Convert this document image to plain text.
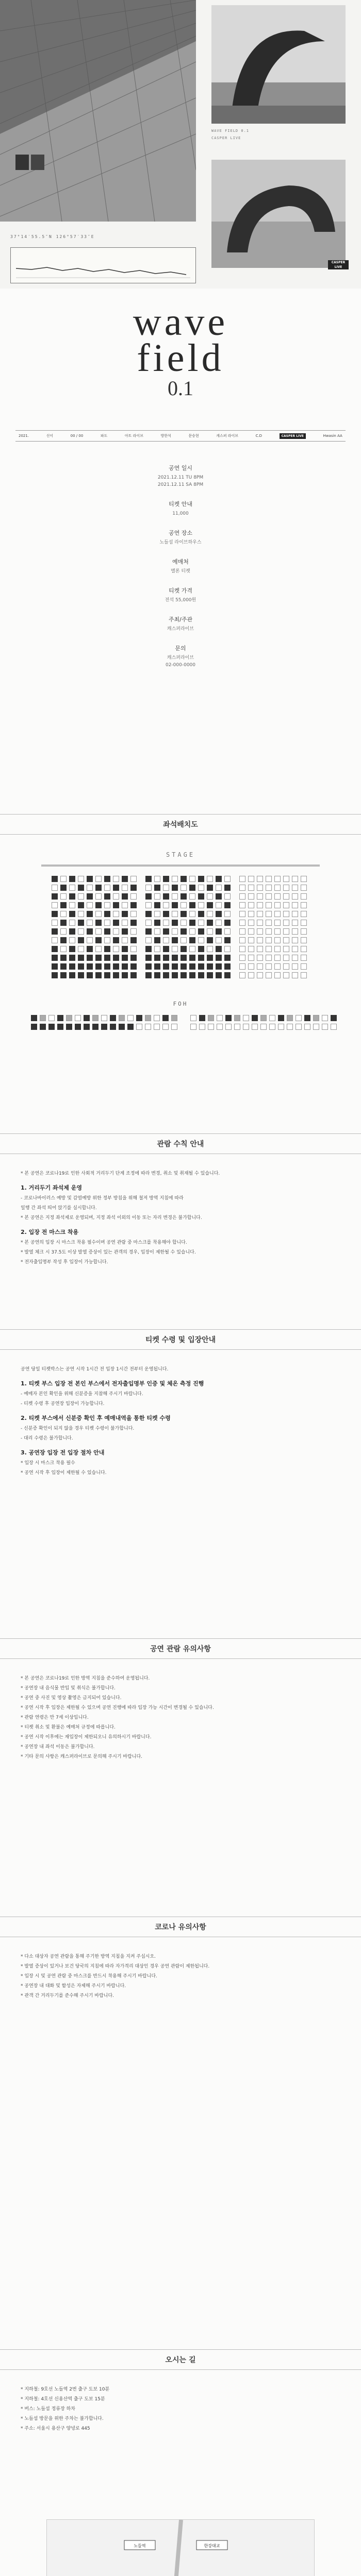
37°14′55.5″N 126°57′33″E
WAVE FIELD 0.1
CASPER LIVE
CASPER LIVE
wave
field
0.1
2021.	신이	00 / 00	파도	아트 라이브	방한석	문승현	캐스퍼 라이브	C.D	CASPER LIVE	Hwasin AA
공연 일시
2021.12.11 TU 8PM
2021.12.11 SA 8PM
티켓 안내
11,000
공연 장소
노들섬 라이브하우스
예매처
멜론 티켓
티켓 가격
전석 55,000원
주최/주관
캐스퍼라이브
문의
캐스퍼라이브
02-000-0000
좌석배치도
STAGE
FOH
관람 수칙 안내

* 본 공연은 코로나19로 인한 사회적 거리두기 단계 조정에 따라 변경, 취소 및 취재될 수 있습니다.

1. 거리두기 좌석제 운영

- 코로나바이러스 예방 및 감염예방 위한 정부 방침을 위해 철저 방역 지침에 따라

일행 간 좌석 띄어 앉기를 실시합니다.

* 본 공연은 지정 좌석제로 운영되며, 지정 좌석 이외의 이동 또는 자리 변경은 불가합니다.

2. 입장 전 마스크 착용

* 본 공연의 입장 시 마스크 착용 필수이며 공연 관람 중 마스크를 착용해야 합니다.

* 발열 체크 시 37.5도 이상 발열 증상이 있는 관객의 경우, 입장이 제한될 수 있습니다.

* 전자출입명부 작성 후 입장이 가능합니다.

티켓 수령 및 입장안내

공연 당일 티켓박스는 공연 시작 1시간 전 입장 1시간 전부터 운영됩니다.

1. 티켓 부스 입장 전 본인 부스에서 전자출입명부 인증 및 체온 측정 진행

- 예매자 본인 확인을 위해 신분증을 지참해 주시기 바랍니다.

- 티켓 수령 후 공연장 입장이 가능합니다.

2. 티켓 부스에서 신분증 확인 후 예매내역을 통한 티켓 수령

- 신분증 확인이 되지 않을 경우 티켓 수령이 불가합니다.

- 대리 수령은 불가합니다.

3. 공연장 입장 전 입장 절차 안내

* 입장 시 마스크 착용 필수

* 공연 시작 후 입장이 제한될 수 있습니다.

공연 관람 유의사항

* 본 공연은 코로나19로 인한 방역 지침을 준수하여 운영됩니다.

* 공연장 내 음식물 반입 및 취식은 불가합니다.

* 공연 중 사진 및 영상 촬영은 금지되어 있습니다.

* 공연 시작 후 입장은 제한될 수 있으며 공연 진행에 따라 입장 가능 시간이 변경될 수 있습니다.

* 관람 연령은 만 7세 이상입니다.

* 티켓 취소 및 환불은 예매처 규정에 따릅니다.

* 공연 시작 이후에는 재입장이 제한되오니 유의하시기 바랍니다.

* 공연장 내 좌석 이동은 불가합니다.

* 기타 문의 사항은 캐스퍼라이브로 문의해 주시기 바랍니다.

코로나 유의사항

* 다소 대상자 공연 관람을 통해 주기한 방역 지침을 지켜 주십시오.

* 발열 증상이 있거나 보건 당국의 지침에 따라 자가격리 대상인 경우 공연 관람이 제한됩니다.

* 입장 시 및 공연 관람 중 마스크를 반드시 착용해 주시기 바랍니다.

* 공연장 내 대화 및 함성은 자제해 주시기 바랍니다.

* 관객 간 거리두기를 준수해 주시기 바랍니다.

오시는 길

* 지하철: 9호선 노들역 2번 출구 도보 10분

* 지하철: 4호선 신용산역 출구 도보 15분

* 버스: 노들섬 정류장 하차

* 노들섬 방문을 위한 주차는 불가합니다.

* 주소: 서울시 용산구 양녕로 445

한강대교
노들역
